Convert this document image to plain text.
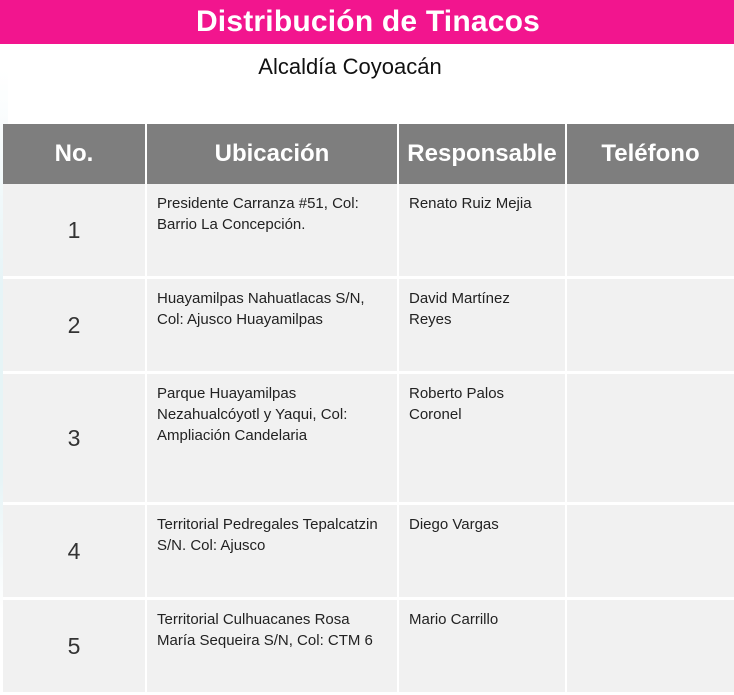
Distribución de Tinacos
Alcaldía Coyoacán
No.	Ubicación	Responsable	Teléfono
1	Presidente Carranza #51, Col: Barrio La Concepción.	Renato Ruiz Mejia	
2	Huayamilpas Nahuatlacas S/N, Col: Ajusco Huayamilpas	David Martínez Reyes	
3	Parque Huayamilpas Nezahualcóyotl y Yaqui, Col: Ampliación Candelaria	Roberto Palos Coronel	
4	Territorial Pedregales Tepalcatzin S/N. Col: Ajusco	Diego Vargas	
5	Territorial Culhuacanes Rosa María Sequeira S/N, Col: CTM 6	Mario Carrillo	
